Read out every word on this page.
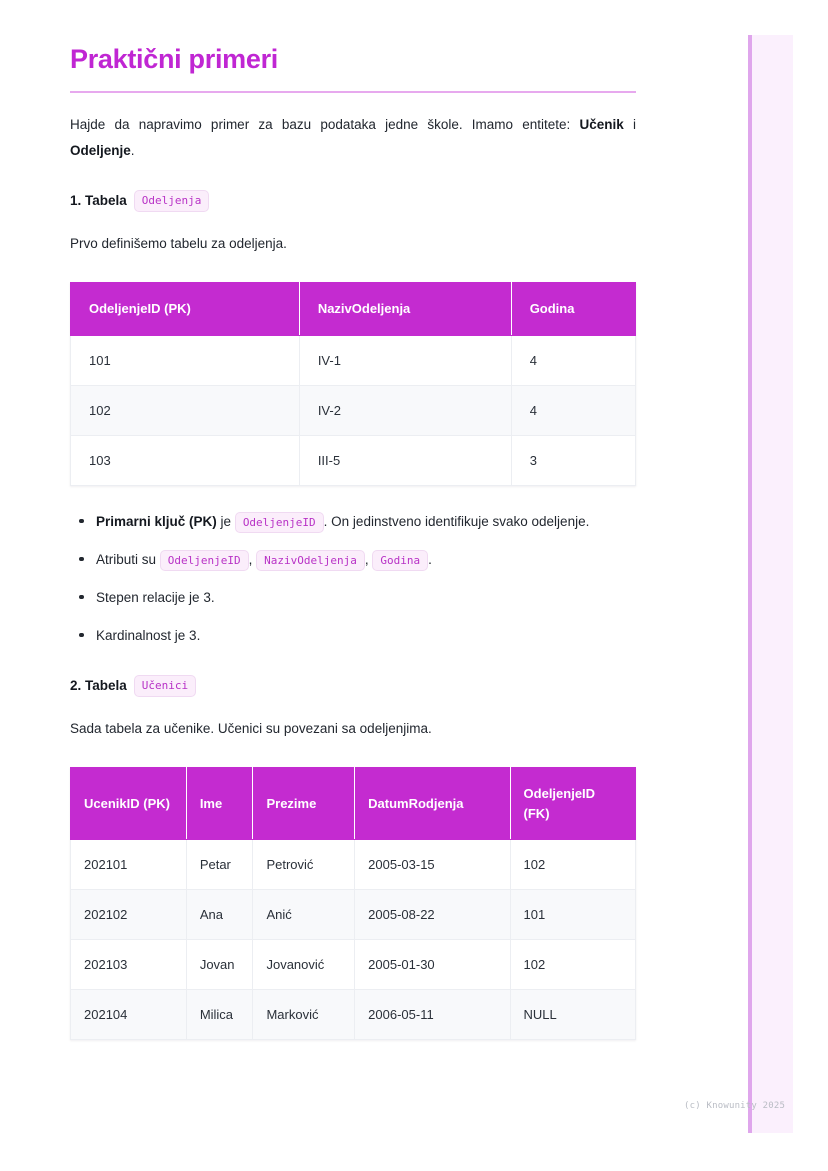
Praktični primeri

Hajde da napravimo primer za bazu podataka jedne škole. Imamo entitete: Učenik i Odeljenje.

1. Tabela	Odeljenja

Prvo definišemo tabelu za odeljenja.

OdeljenjeID (PK)	NazivOdeljenja	Godina
101	IV-1	4
102	IV-2	4
103	III-5	3
Primarni ključ (PK) je OdeljenjeID . On jedinstveno identifikuje svako odeljenje.
Atributi su OdeljenjeID , NazivOdeljenja , Godina .
Stepen relacije je 3.
Kardinalnost je 3.
2. Tabela	Učenici

Sada tabela za učenike. Učenici su povezani sa odeljenjima.

UcenikID (PK)	Ime	Prezime	DatumRodjenja	OdeljenjeID (FK)
202101	Petar	Petrović	2005-03-15	102
202102	Ana	Anić	2005-08-22	101
202103	Jovan	Jovanović	2005-01-30	102
202104	Milica	Marković	2006-05-11	NULL
(c) Knowunity 2025
